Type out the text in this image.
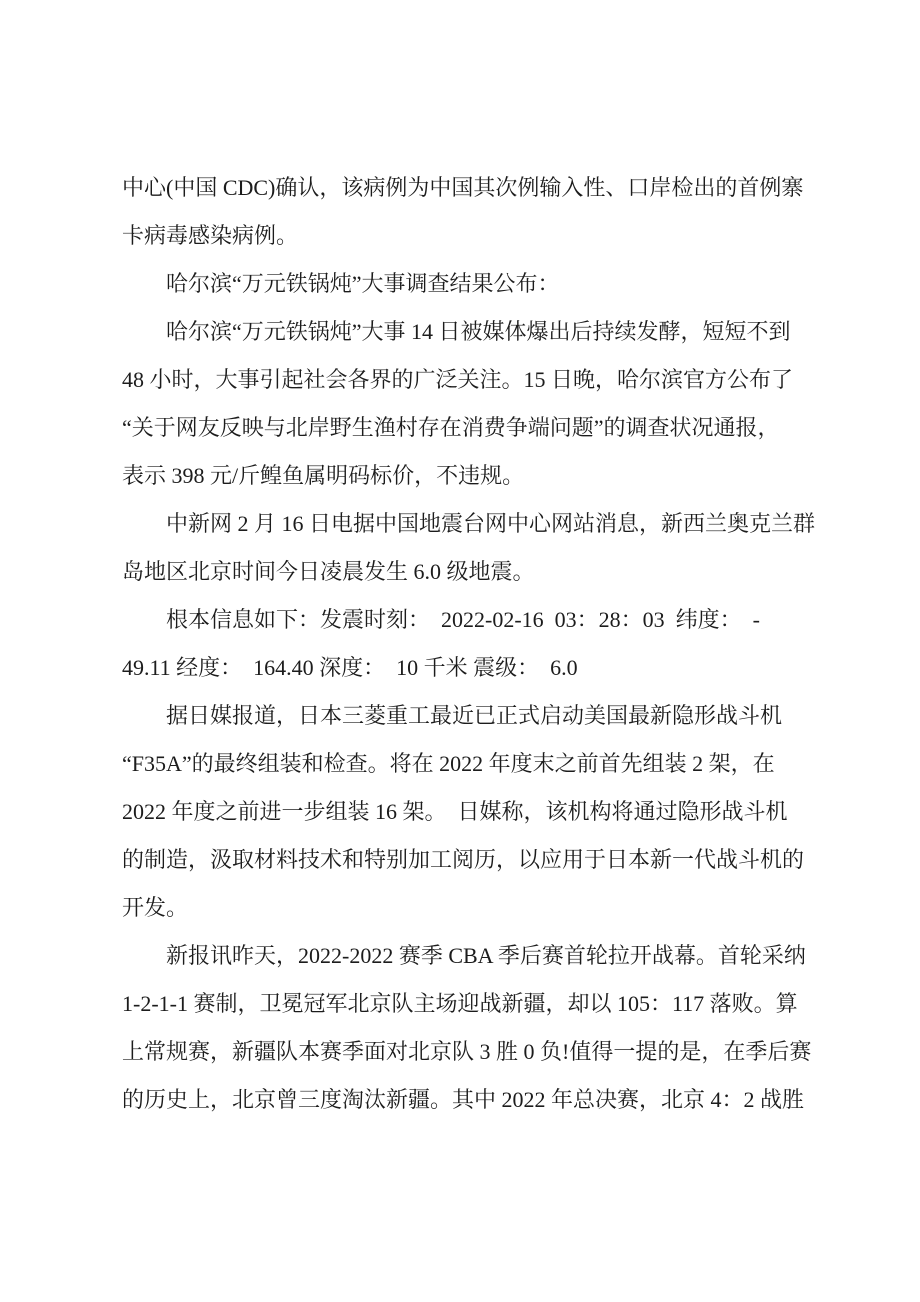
中心(中国 CDC)确认，该病例为中国其次例输入性、口岸检出的首例寨
卡病毒感染病例。
哈尔滨“万元铁锅炖”大事调查结果公布：
哈尔滨“万元铁锅炖”大事 14 日被媒体爆出后持续发酵，短短不到
48 小时，大事引起社会各界的广泛关注。15 日晚，哈尔滨官方公布了
“关于网友反映与北岸野生渔村存在消费争端问题”的调查状况通报，
表示 398 元/斤鳇鱼属明码标价，不违规。
中新网 2 月 16 日电据中国地震台网中心网站消息，新西兰奥克兰群
岛地区北京时间今日凌晨发生 6.0 级地震。
根本信息如下：发震时刻：  2022-02-16  03：28：03  纬度：  -
49.11 经度：  164.40 深度：  10 千米 震级：  6.0
据日媒报道，日本三菱重工最近已正式启动美国最新隐形战斗机
“F35A”的最终组装和检查。将在 2022 年度末之前首先组装 2 架，在
2022 年度之前进一步组装 16 架。  日媒称，该机构将通过隐形战斗机
的制造，汲取材料技术和特别加工阅历，以应用于日本新一代战斗机的
开发。
新报讯昨天，2022-2022 赛季 CBA 季后赛首轮拉开战幕。首轮采纳
1-2-1-1 赛制，卫冕冠军北京队主场迎战新疆，却以 105：117 落败。算
上常规赛，新疆队本赛季面对北京队 3 胜 0 负!值得一提的是，在季后赛
的历史上，北京曾三度淘汰新疆。其中 2022 年总决赛，北京 4：2 战胜
